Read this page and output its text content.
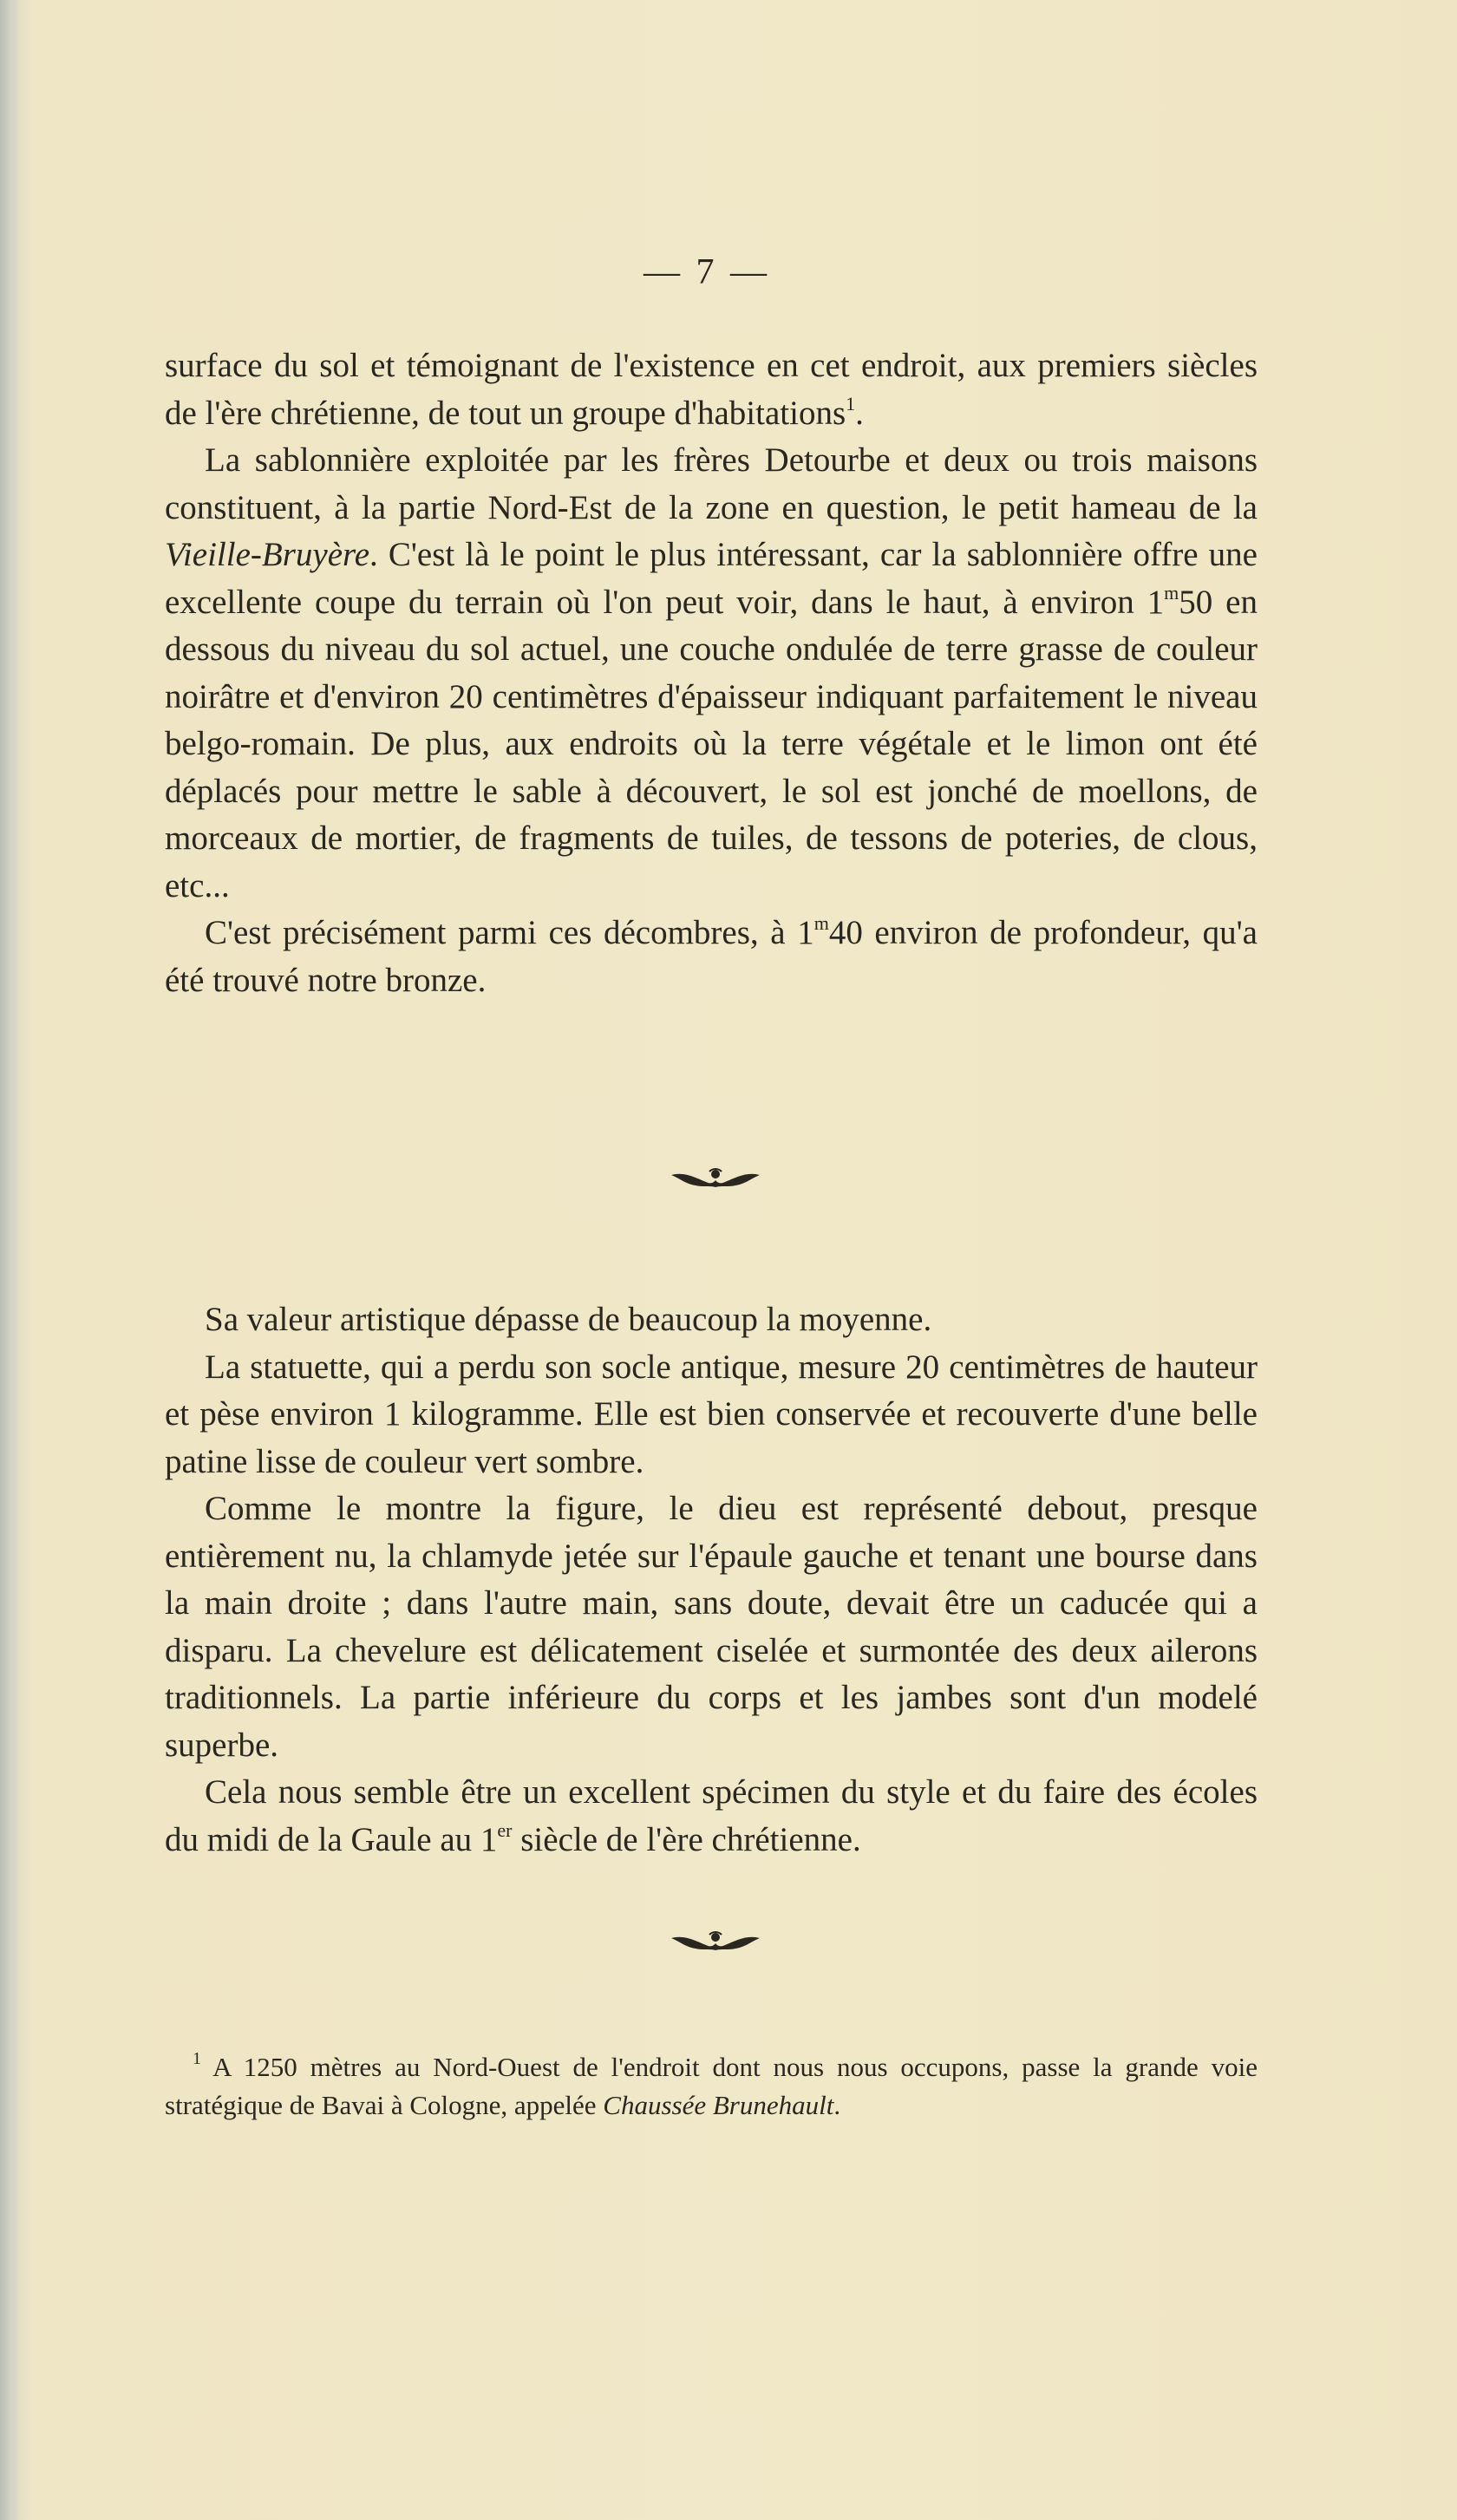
— 7 —

surface du sol et témoignant de l'existence en cet endroit, aux premiers siècles de l'ère chrétienne, de tout un groupe d'habitations$^1$.

La sablonnière exploitée par les frères Detourbe et deux ou trois maisons constituent, à la partie Nord-Est de la zone en question, le petit hameau de la Vieille-Bruyère. C'est là le point le plus intéressant, car la sablonnière offre une excellente coupe du terrain où l'on peut voir, dans le haut, à environ 1$^m$50 en dessous du niveau du sol actuel, une couche ondulée de terre grasse de couleur noirâtre et d'environ 20 centimètres d'épaisseur indiquant parfaitement le niveau belgo-romain. De plus, aux endroits où la terre végétale et le limon ont été déplacés pour mettre le sable à découvert, le sol est jonché de moellons, de morceaux de mortier, de fragments de tuiles, de tessons de poteries, de clous, etc...

C'est précisément parmi ces décombres, à 1$^m$40 environ de profondeur, qu'a été trouvé notre bronze.

Sa valeur artistique dépasse de beaucoup la moyenne.

La statuette, qui a perdu son socle antique, mesure 20 centimètres de hauteur et pèse environ 1 kilogramme. Elle est bien conservée et recouverte d'une belle patine lisse de couleur vert sombre.

Comme le montre la figure, le dieu est représenté debout, presque entièrement nu, la chlamyde jetée sur l'épaule gauche et tenant une bourse dans la main droite ; dans l'autre main, sans doute, devait être un caducée qui a disparu. La chevelure est délicatement ciselée et surmontée des deux ailerons traditionnels. La partie inférieure du corps et les jambes sont d'un modelé superbe.

Cela nous semble être un excellent spécimen du style et du faire des écoles du midi de la Gaule au 1er siècle de l'ère chrétienne.

$^1$ A 1250 mètres au Nord-Ouest de l'endroit dont nous nous occupons, passe la grande voie stratégique de Bavai à Cologne, appelée Chaussée Brunehault.
